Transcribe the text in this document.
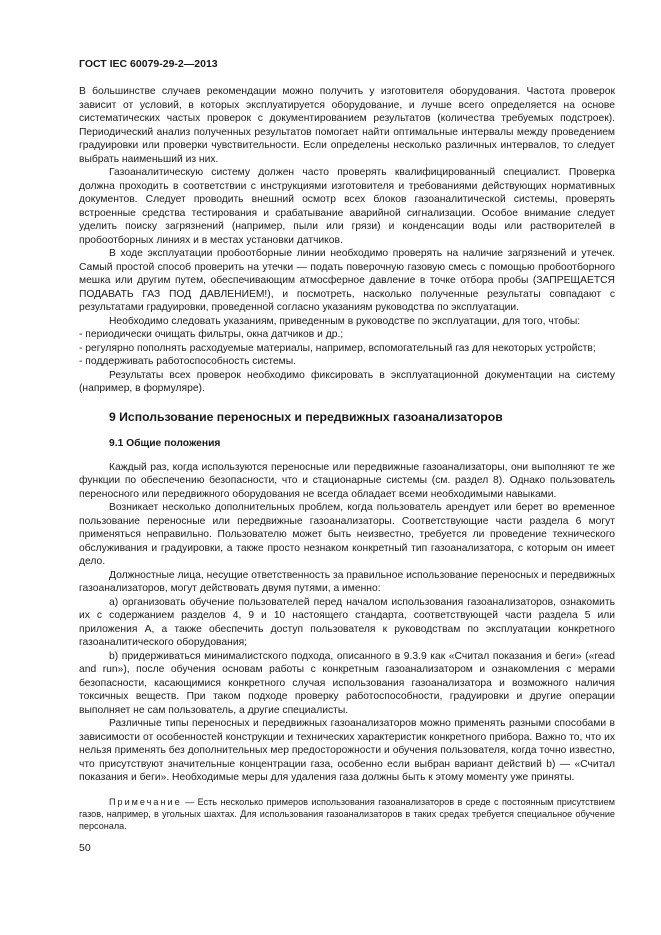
ГОСТ IEC 60079-29-2—2013

В большинстве случаев рекомендации можно получить у изготовителя оборудования. Частота проверок зависит от условий, в которых эксплуатируется оборудование, и лучше всего определяется на основе систематических частых проверок с документированием результатов (количества требуемых подстроек). Периодический анализ полученных результатов помогает найти оптимальные интервалы между проведением градуировки или проверки чувствительности. Если определены несколько различных интервалов, то следует выбрать наименьший из них.

Газоаналитическую систему должен часто проверять квалифицированный специалист. Проверка должна проходить в соответствии с инструкциями изготовителя и требованиями действующих нормативных документов. Следует проводить внешний осмотр всех блоков газоаналитической системы, проверять встроенные средства тестирования и срабатывание аварийной сигнализации. Особое внимание следует уделить поиску загрязнений (например, пыли или грязи) и конденсации воды или растворителей в пробоотборных линиях и в местах установки датчиков.

В ходе эксплуатации пробоотборные линии необходимо проверять на наличие загрязнений и утечек. Самый простой способ проверить на утечки — подать поверочную газовую смесь с помощью пробоотборного мешка или другим путем, обеспечивающим атмосферное давление в точке отбора пробы (ЗАПРЕЩАЕТСЯ ПОДАВАТЬ ГАЗ ПОД ДАВЛЕНИЕМ!), и посмотреть, насколько полученные результаты совпадают с результатами градуировки, проведенной согласно указаниям руководства по эксплуатации.

Необходимо следовать указаниям, приведенным в руководстве по эксплуатации, для того, чтобы:

- периодически очищать фильтры, окна датчиков и др.;

- регулярно пополнять расходуемые материалы, например, вспомогательный газ для некоторых устройств;

- поддерживать работоспособность системы.

Результаты всех проверок необходимо фиксировать в эксплуатационной документации на систему (например, в формуляре).

9 Использование переносных и передвижных газоанализаторов
9.1 Общие положения

Каждый раз, когда используются переносные или передвижные газоанализаторы, они выполняют те же функции по обеспечению безопасности, что и стационарные системы (см. раздел 8). Однако пользователь переносного или передвижного оборудования не всегда обладает всеми необходимыми навыками.

Возникает несколько дополнительных проблем, когда пользователь арендует или берет во временное пользование переносные или передвижные газоанализаторы. Соответствующие части раздела 6 могут применяться неправильно. Пользователю может быть неизвестно, требуется ли проведение технического обслуживания и градуировки, а также просто незнаком конкретный тип газоанализатора, с которым он имеет дело.

Должностные лица, несущие ответственность за правильное использование переносных и передвижных газоанализаторов, могут действовать двумя путями, а именно:

а) организовать обучение пользователей перед началом использования газоанализаторов, ознакомить их с содержанием разделов 4, 9 и 10 настоящего стандарта, соответствующей части раздела 5 или приложения А, а также обеспечить доступ пользователя к руководствам по эксплуатации конкретного газоаналитического оборудования;

b) придерживаться минималистского подхода, описанного в 9.3.9 как «Считал показания и беги» («read and run»), после обучения основам работы с конкретным газоанализатором и ознакомления с мерами безопасности, касающимися конкретного случая использования газоанализатора и возможного наличия токсичных веществ. При таком подходе проверку работоспособности, градуировки и другие операции выполняет не сам пользователь, а другие специалисты.

Различные типы переносных и передвижных газоанализаторов можно применять разными способами в зависимости от особенностей конструкции и технических характеристик конкретного прибора. Важно то, что их нельзя применять без дополнительных мер предосторожности и обучения пользователя, когда точно известно, что присутствуют значительные концентрации газа, особенно если выбран вариант действий b) — «Считал показания и беги». Необходимые меры для удаления газа должны быть к этому моменту уже приняты.

Примечание — Есть несколько примеров использования газоанализаторов в среде с постоянным присутствием газов, например, в угольных шахтах. Для использования газоанализаторов в таких средах требуется специальное обучение персонала.
50
